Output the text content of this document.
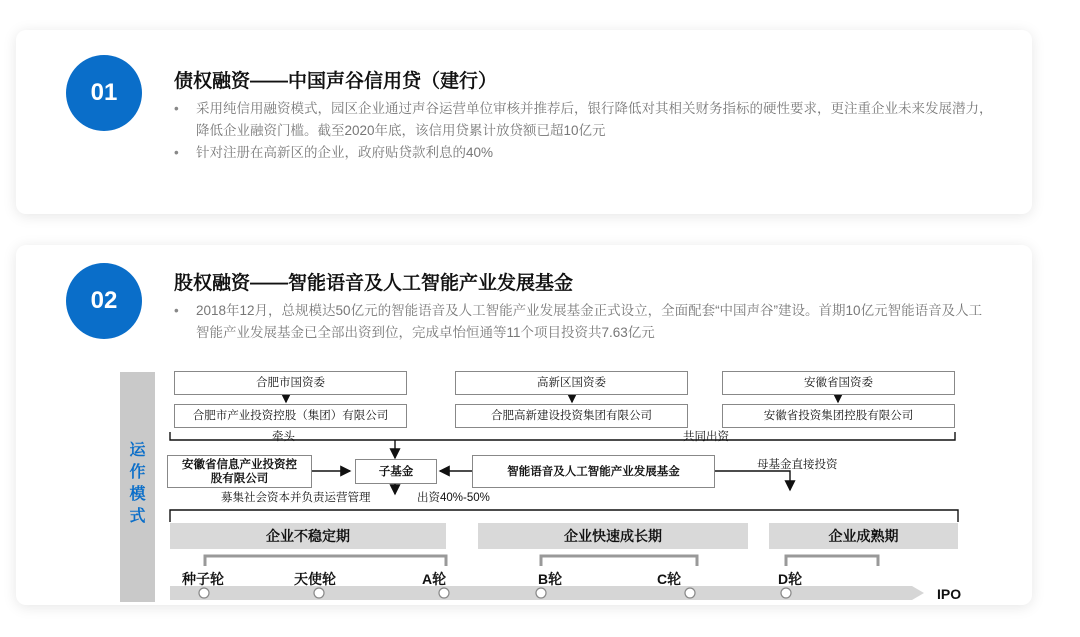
01	债权融资——中国声谷信用贷（建行）
• 采用纯信用融资模式，园区企业通过声谷运营单位审核并推荐后，银行降低对其相关财务指标的硬性要求，更注重企业未来发展潜力，降低企业融资门槛。截至2020年底，该信用贷累计放贷额已超10亿元
• 针对注册在高新区的企业，政府贴贷款利息的40%
02
股权融资——智能语音及人工智能产业发展基金
• 2018年12月，总规模达50亿元的智能语音及人工智能产业发展基金正式设立，全面配套“中国声谷”建设。首期10亿元智能语音及人工智能产业发展基金已全部出资到位，完成卓怡恒通等11个项目投资共7.63亿元
运作模式
合肥市国资委
合肥市产业投资控股（集团）有限公司
高新区国资委
合肥高新建设投资集团有限公司
安徽省国资委
安徽省投资集团控股有限公司
牵头	共同出资
安徽省信息产业投资控股有限公司
子基金	智能语音及人工智能产业发展基金
母基金直接投资
募集社会资本并负责运营管理	出资40%-50%
企业不稳定期	企业快速成长期	企业成熟期
种子轮	天使轮	A轮	B轮	C轮	D轮
IPO
